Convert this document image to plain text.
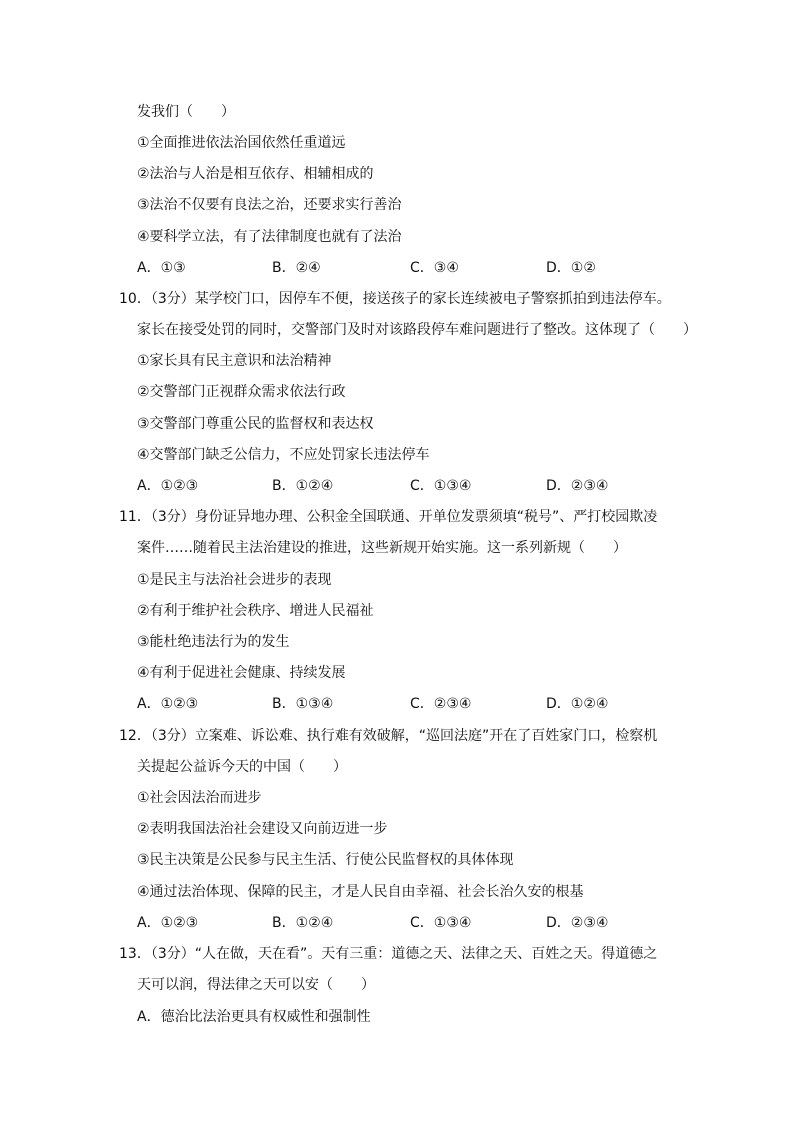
发我们（　　）
①全面推进依法治国依然任重道远
②法治与人治是相互依存、相辅相成的
③法治不仅要有良法之治，还要求实行善治
④要科学立法，有了法律制度也就有了法治
A．①③	B．②④	C．③④	D．①②
10．（3分）某学校门口，因停车不便，接送孩子的家长连续被电子警察抓拍到违法停车。
家长在接受处罚的同时，交警部门及时对该路段停车难问题进行了整改。这体现了（　　）
①家长具有民主意识和法治精神
②交警部门正视群众需求依法行政
③交警部门尊重公民的监督权和表达权
④交警部门缺乏公信力，不应处罚家长违法停车
A．①②③	B．①②④	C．①③④	D．②③④
11．（3分）身份证异地办理、公积金全国联通、开单位发票须填“税号”、严打校园欺凌
案件……随着民主法治建设的推进，这些新规开始实施。这一系列新规（　　）
①是民主与法治社会进步的表现
②有利于维护社会秩序、增进人民福祉
③能杜绝违法行为的发生
④有利于促进社会健康、持续发展
A．①②③	B．①③④	C．②③④	D．①②④
12．（3分）立案难、诉讼难、执行难有效破解，“巡回法庭”开在了百姓家门口，检察机
关提起公益诉今天的中国（　　）
①社会因法治而进步
②表明我国法治社会建设又向前迈进一步
③民主决策是公民参与民主生活、行使公民监督权的具体体现
④通过法治体现、保障的民主，才是人民自由幸福、社会长治久安的根基
A．①②③	B．①②④	C．①③④	D．②③④
13．（3分）“人在做，天在看”。天有三重：道德之天、法律之天、百姓之天。得道德之
天可以润，得法律之天可以安（　　）
A．德治比法治更具有权威性和强制性
